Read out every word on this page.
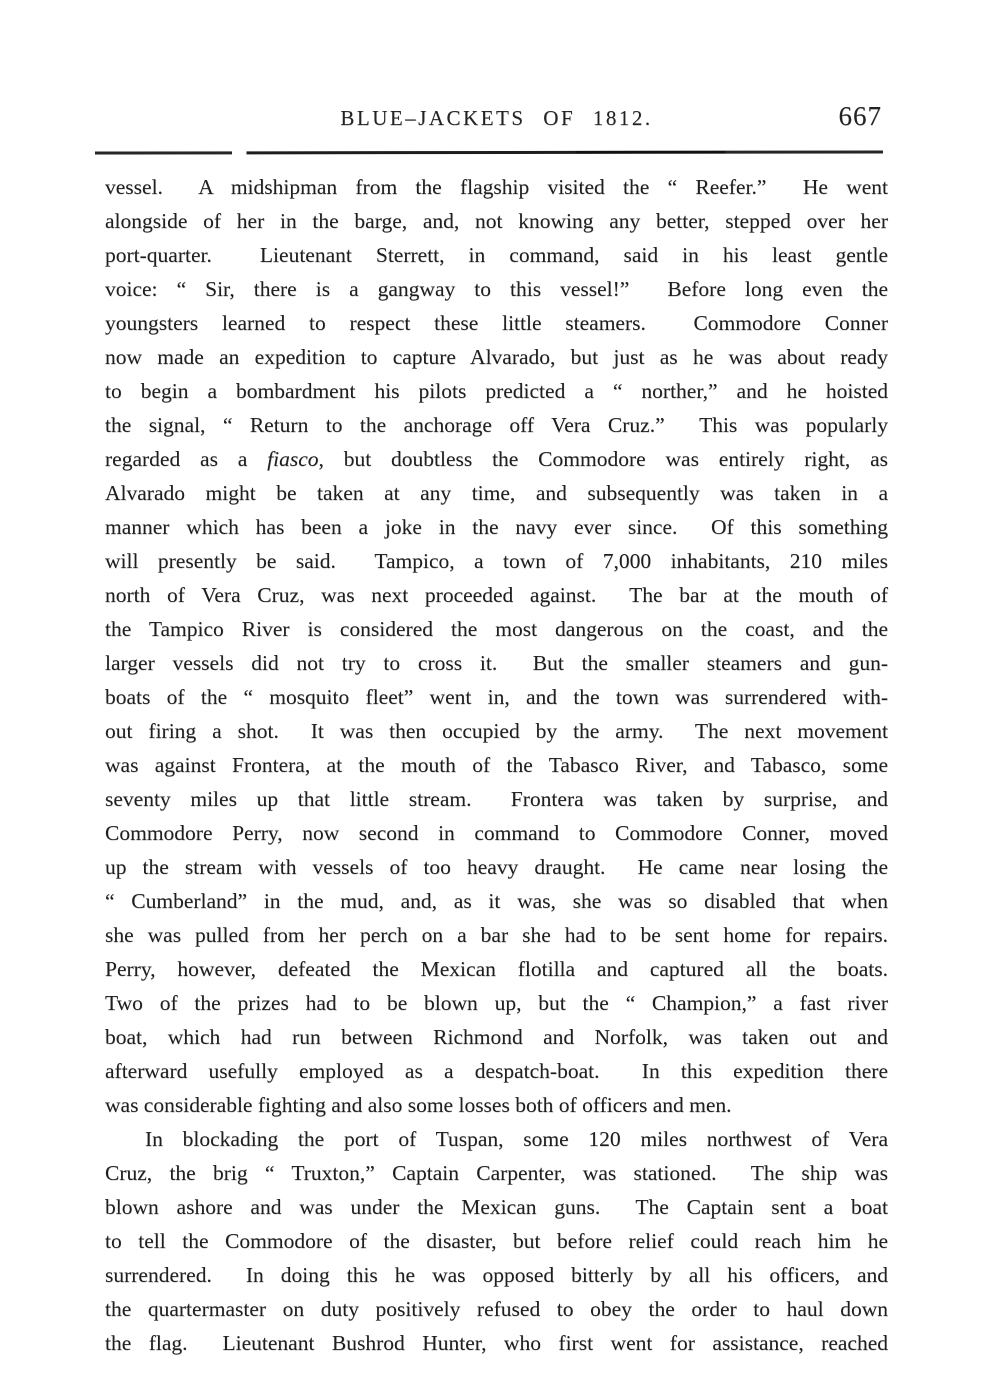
BLUE–JACKETS OF 1812.	667
vessel.  A midshipman from the flagship visited the “ Reefer.”  He went
alongside of her in the barge, and, not knowing any better, stepped over her
port-quarter.  Lieutenant Sterrett, in command, said in his least gentle
voice: “ Sir, there is a gangway to this vessel!”  Before long even the
youngsters learned to respect these little steamers.  Commodore Conner
now made an expedition to capture Alvarado, but just as he was about ready
to begin a bombardment his pilots predicted a “ norther,” and he hoisted
the signal, “ Return to the anchorage off Vera Cruz.”  This was popularly
regarded as a fiasco, but doubtless the Commodore was entirely right, as
Alvarado might be taken at any time, and subsequently was taken in a
manner which has been a joke in the navy ever since.  Of this something
will presently be said.  Tampico, a town of 7,000 inhabitants, 210 miles
north of Vera Cruz, was next proceeded against.  The bar at the mouth of
the Tampico River is considered the most dangerous on the coast, and the
larger vessels did not try to cross it.  But the smaller steamers and gun-
boats of the “ mosquito fleet” went in, and the town was surrendered with-
out firing a shot.  It was then occupied by the army.  The next movement
was against Frontera, at the mouth of the Tabasco River, and Tabasco, some
seventy miles up that little stream.  Frontera was taken by surprise, and
Commodore Perry, now second in command to Commodore Conner, moved
up the stream with vessels of too heavy draught.  He came near losing the
“ Cumberland” in the mud, and, as it was, she was so disabled that when
she was pulled from her perch on a bar she had to be sent home for repairs.
Perry, however, defeated the Mexican flotilla and captured all the boats.
Two of the prizes had to be blown up, but the “ Champion,” a fast river
boat, which had run between Richmond and Norfolk, was taken out and
afterward usefully employed as a despatch-boat.  In this expedition there
was considerable fighting and also some losses both of officers and men.
In blockading the port of Tuspan, some 120 miles northwest of Vera
Cruz, the brig “ Truxton,” Captain Carpenter, was stationed.  The ship was
blown ashore and was under the Mexican guns.  The Captain sent a boat
to tell the Commodore of the disaster, but before relief could reach him he
surrendered.  In doing this he was opposed bitterly by all his officers, and
the quartermaster on duty positively refused to obey the order to haul down
the flag.  Lieutenant Bushrod Hunter, who first went for assistance, reached
